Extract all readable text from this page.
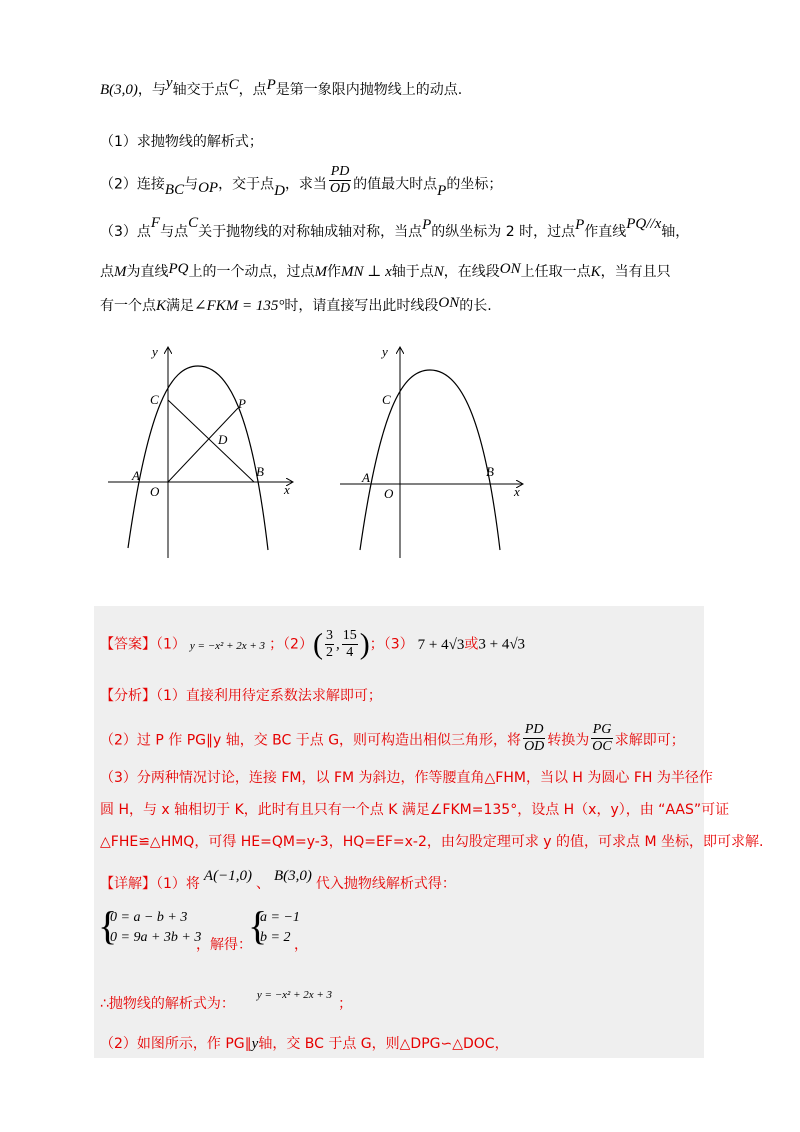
B(3,0)，与y轴交于点C，点P是第一象限内抛物线上的动点.
（1）求抛物线的解析式；
（2）连接BC与OP，交于点D，求当 $\frac{PD}{OD}$ 的值最大时点P的坐标；
（3）点F与点C关于抛物线的对称轴成轴对称，当点P的纵坐标为 2 时，过点P作直线PQ//x轴，
点M为直线PQ上的一个动点，过点M作MN ⊥ x轴于点N，在线段ON上任取一点K，当有且只
有一个点K满足∠FKM = 135°时，请直接写出此时线段ON的长.
y
x
C	P
D
A
O
B
y
x
C
A
O
B
【答案】（1） y = −x² + 2x + 3 ；$(2)( \frac{3}{2}$ , $\frac{15}{4}$ )；（3） 7 + 4√3或3 + 4√3
【分析】（1）直接利用待定系数法求解即可；
（2）过 P 作 PG∥y 轴，交 BC 于点 G，则可构造出相似三角形，将 $\frac{PD}{OD}$ 转换为 $\frac{PG}{OC}$ 求解即可；
（3）分两种情况讨论，连接 FM，以 FM 为斜边，作等腰直角△FHM，当以 H 为圆心 FH 为半径作
圆 H，与 x 轴相切于 K，此时有且只有一个点 K 满足∠FKM=135°，设点 H（x，y），由 “AAS”可证
△FHE≌△HMQ，可得 HE=QM=y-3，HQ=EF=x-2，由勾股定理可求 y 的值，可求点 M 坐标，即可求解.
【详解】（1）将 A(−1,0) 、 B(3,0) 代入抛物线解析式得：
{
0 = a − b + 3
0 = 9a + 3b + 3
，解得：
{
a = −1
b = 2 ，
∴抛物线的解析式为：$^{y = -x^2 + 2x + 3}$；
（2）如图所示，作 PG∥y轴，交 BC 于点 G，则△DPG∽△DOC，
